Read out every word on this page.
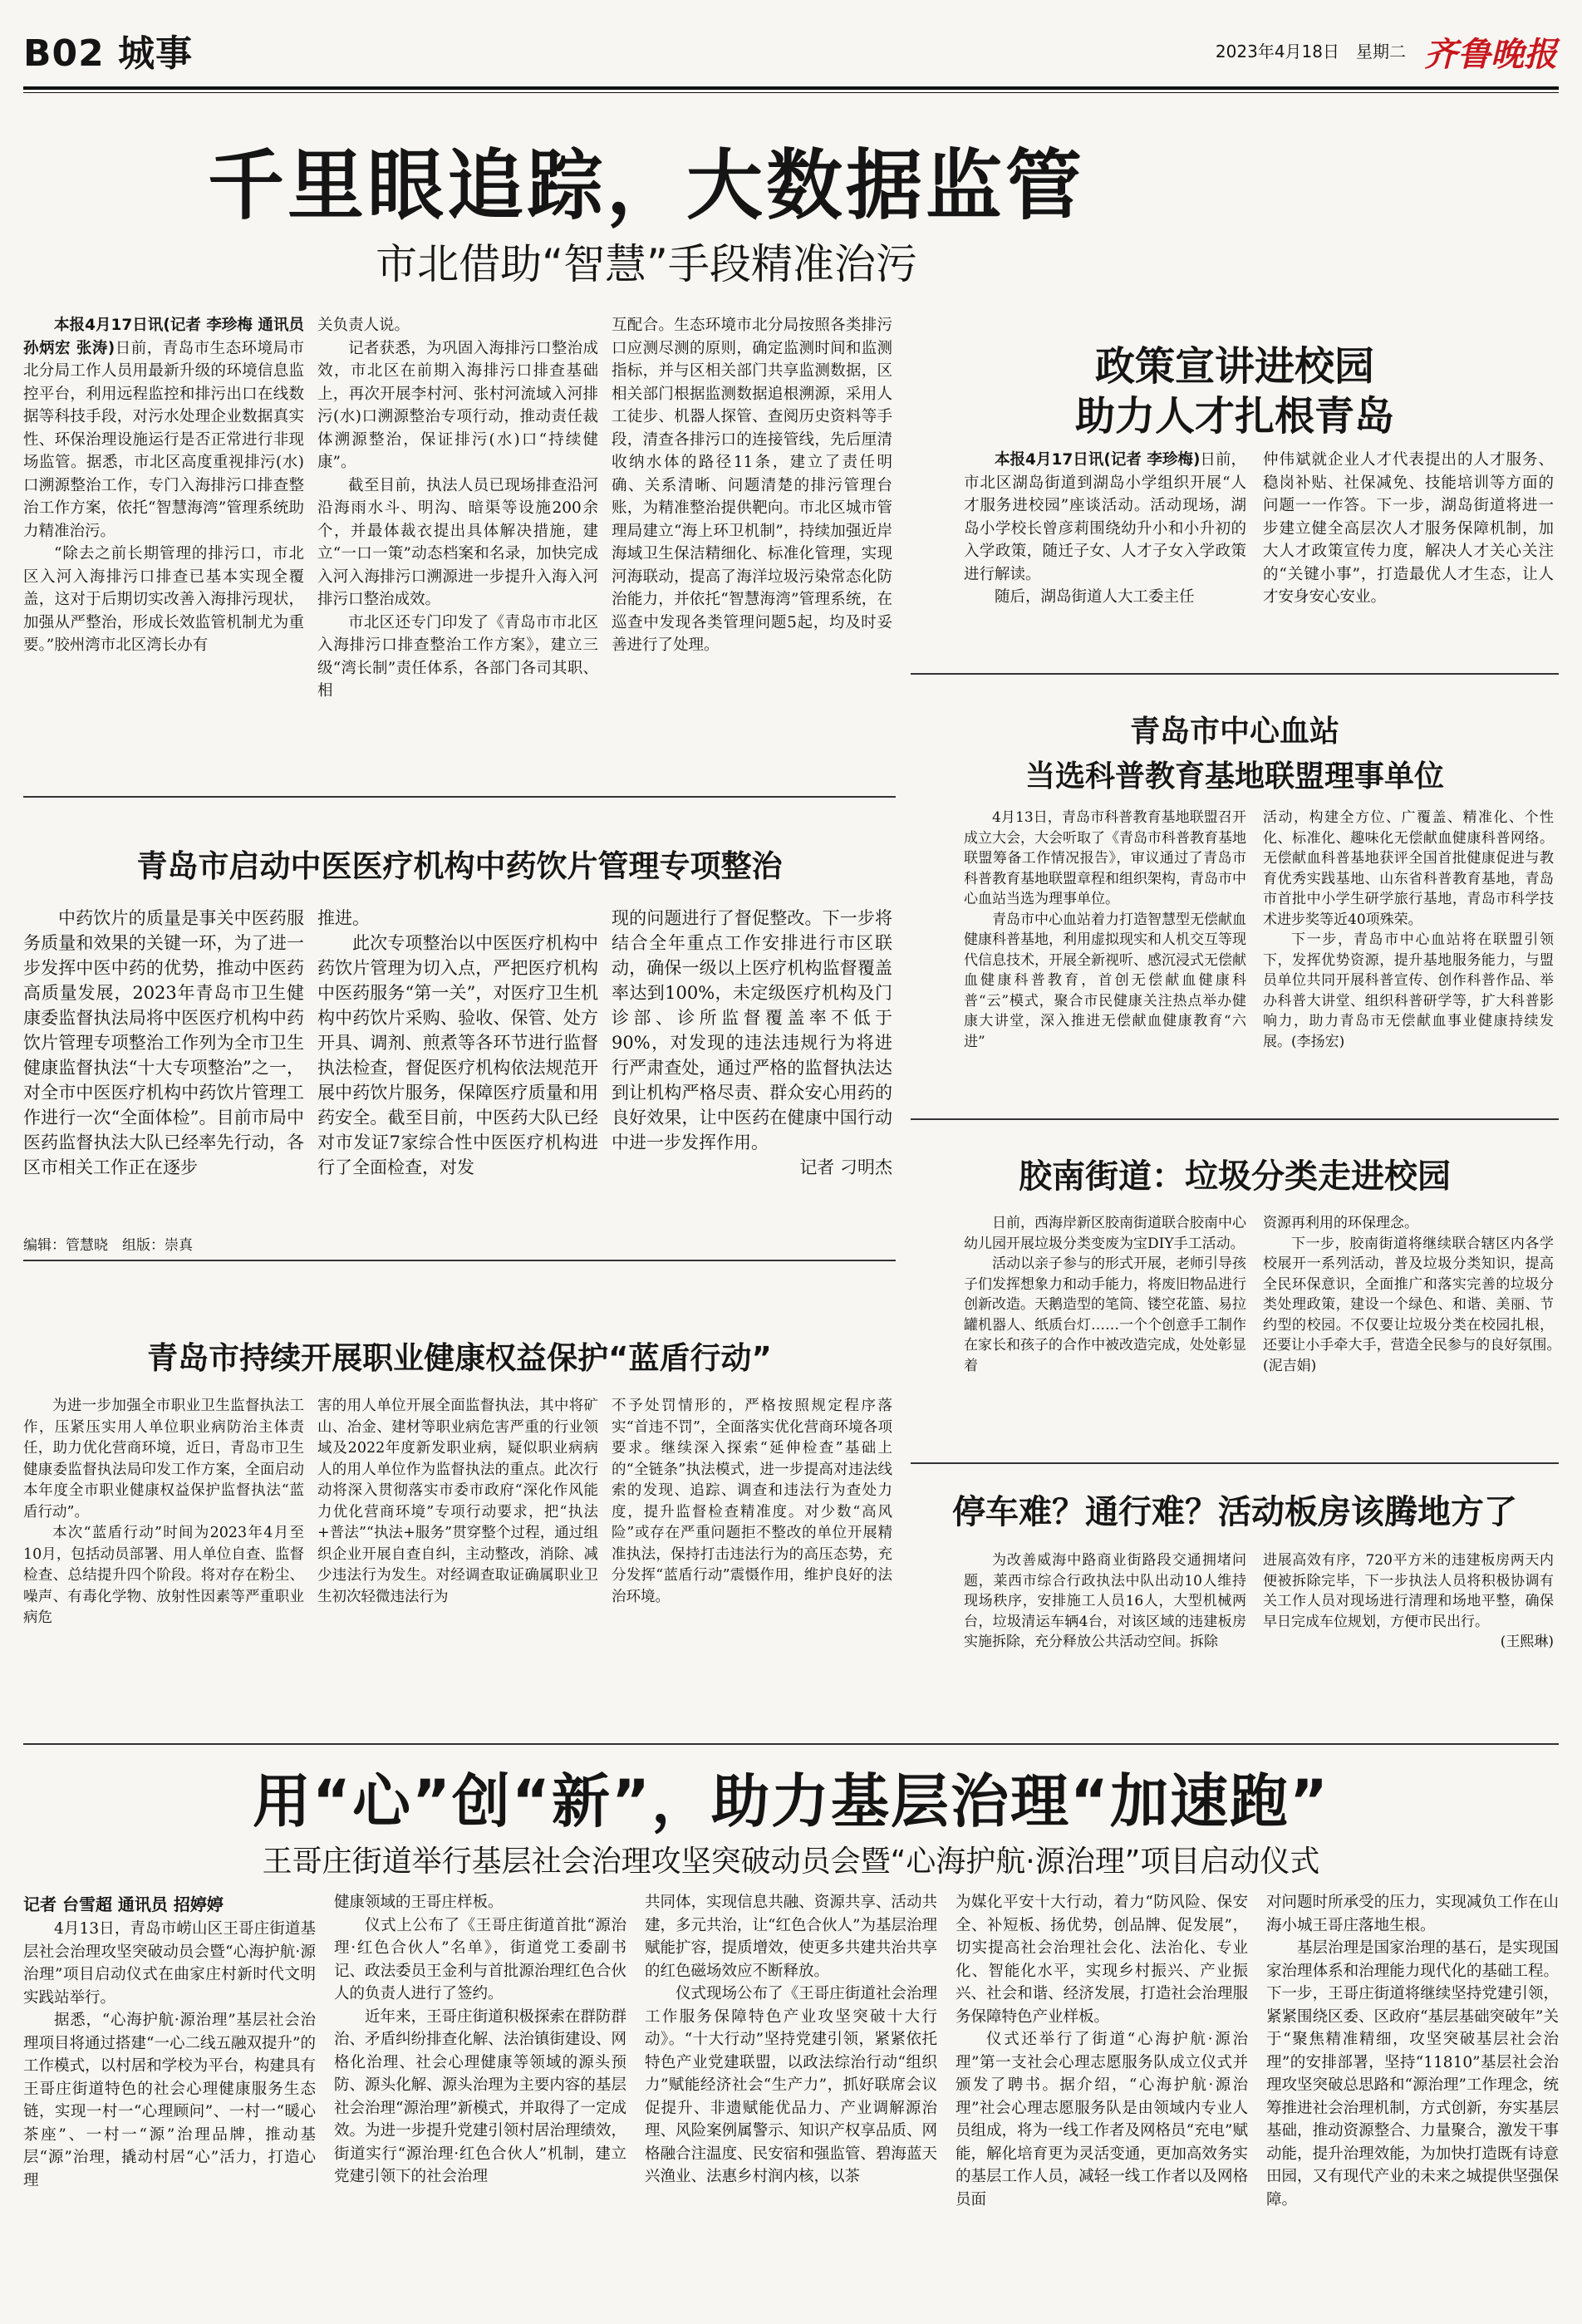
B02 城事	2023年4月18日　星期二 齐鲁晚报
千里眼追踪，大数据监管
市北借助“智慧”手段精准治污

本报4月17日讯(记者 李珍梅 通讯员 孙炳宏 张涛)日前，青岛市生态环境局市北分局工作人员用最新升级的环境信息监控平台，利用远程监控和排污出口在线数据等科技手段，对污水处理企业数据真实性、环保治理设施运行是否正常进行非现场监管。据悉，市北区高度重视排污(水)口溯源整治工作，专门入海排污口排查整治工作方案，依托“智慧海湾”管理系统助力精准治污。

“除去之前长期管理的排污口，市北区入河入海排污口排查已基本实现全覆盖，这对于后期切实改善入海排污现状，加强从严整治，形成长效监管机制尤为重要。”胶州湾市北区湾长办有

关负责人说。

记者获悉，为巩固入海排污口整治成效，市北区在前期入海排污口排查基础上，再次开展李村河、张村河流域入河排污(水)口溯源整治专项行动，推动责任裁体溯源整治，保证排污(水)口“持续健康”。

截至目前，执法人员已现场排查沿河沿海雨水斗、明沟、暗渠等设施200余个，并最体裁衣提出具体解决措施，建立“一口一策”动态档案和名录，加快完成入河入海排污口溯源进一步提升入海入河排污口整治成效。

市北区还专门印发了《青岛市市北区入海排污口排查整治工作方案》，建立三级“湾长制”责任体系，各部门各司其职、相

互配合。生态环境市北分局按照各类排污口应测尽测的原则，确定监测时间和监测指标，并与区相关部门共享监测数据，区相关部门根据监测数据追根溯源，采用人工徒步、机器人探管、查阅历史资料等手段，清查各排污口的连接管线，先后厘清收纳水体的路径11条，建立了责任明确、关系清晰、问题清楚的排污管理台账，为精准整治提供靶向。市北区城市管理局建立“海上环卫机制”，持续加强近岸海域卫生保洁精细化、标准化管理，实现河海联动，提高了海洋垃圾污染常态化防治能力，并依托“智慧海湾”管理系统，在巡查中发现各类管理问题5起，均及时妥善进行了处理。

政策宣讲进校园
助力人才扎根青岛

本报4月17日讯(记者 李珍梅)日前，市北区湖岛街道到湖岛小学组织开展“人才服务进校园”座谈活动。活动现场，湖岛小学校长曾彦莉围绕幼升小和小升初的入学政策，随迁子女、人才子女入学政策进行解读。

随后，湖岛街道人大工委主任

仲伟斌就企业人才代表提出的人才服务、稳岗补贴、社保减免、技能培训等方面的问题一一作答。下一步，湖岛街道将进一步建立健全高层次人才服务保障机制，加大人才政策宣传力度，解决人才关心关注的“关键小事”，打造最优人才生态，让人才安身安心安业。

青岛市启动中医医疗机构中药饮片管理专项整治

中药饮片的质量是事关中医药服务质量和效果的关键一环，为了进一步发挥中医中药的优势，推动中医药高质量发展，2023年青岛市卫生健康委监督执法局将中医医疗机构中药饮片管理专项整治工作列为全市卫生健康监督执法“十大专项整治”之一，对全市中医医疗机构中药饮片管理工作进行一次“全面体检”。目前市局中医药监督执法大队已经率先行动，各区市相关工作正在逐步

推进。

此次专项整治以中医医疗机构中药饮片管理为切入点，严把医疗机构中医药服务“第一关”，对医疗卫生机构中药饮片采购、验收、保管、处方开具、调剂、煎煮等各环节进行监督执法检查，督促医疗机构依法规范开展中药饮片服务，保障医疗质量和用药安全。截至目前，中医药大队已经对市发证7家综合性中医医疗机构进行了全面检查，对发

现的问题进行了督促整改。下一步将结合全年重点工作安排进行市区联动，确保一级以上医疗机构监督覆盖率达到100%，未定级医疗机构及门诊部、诊所监督覆盖率不低于90%，对发现的违法违规行为将进行严肃查处，通过严格的监督执法达到让机构严格尽责、群众安心用药的良好效果，让中医药在健康中国行动中进一步发挥作用。

记者 刁明杰

编辑：管慧晓　组版：崇真
青岛市中心血站
当选科普教育基地联盟理事单位

4月13日，青岛市科普教育基地联盟召开成立大会，大会听取了《青岛市科普教育基地联盟筹备工作情况报告》，审议通过了青岛市科普教育基地联盟章程和组织架构，青岛市中心血站当选为理事单位。

青岛市中心血站着力打造智慧型无偿献血健康科普基地，利用虚拟现实和人机交互等现代信息技术，开展全新视听、感沉浸式无偿献血健康科普教育，首创无偿献血健康科普“云”模式，聚合市民健康关注热点举办健康大讲堂，深入推进无偿献血健康教育“六进”

活动，构建全方位、广覆盖、精准化、个性化、标准化、趣味化无偿献血健康科普网络。无偿献血科普基地获评全国首批健康促进与教育优秀实践基地、山东省科普教育基地，青岛市首批中小学生研学旅行基地，青岛市科学技术进步奖等近40项殊荣。

下一步，青岛市中心血站将在联盟引领下，发挥优势资源，提升基地服务能力，与盟员单位共同开展科普宣传、创作科普作品、举办科普大讲堂、组织科普研学等，扩大科普影响力，助力青岛市无偿献血事业健康持续发展。(李扬宏)

胶南街道：垃圾分类走进校园

日前，西海岸新区胶南街道联合胶南中心幼儿园开展垃圾分类变废为宝DIY手工活动。

活动以亲子参与的形式开展，老师引导孩子们发挥想象力和动手能力，将废旧物品进行创新改造。天鹅造型的笔筒、镂空花篮、易拉罐机器人、纸质台灯……一个个创意手工制作在家长和孩子的合作中被改造完成，处处彰显着

资源再利用的环保理念。

下一步，胶南街道将继续联合辖区内各学校展开一系列活动，普及垃圾分类知识，提高全民环保意识，全面推广和落实完善的垃圾分类处理政策，建设一个绿色、和谐、美丽、节约型的校园。不仅要让垃圾分类在校园扎根，还要让小手牵大手，营造全民参与的良好氛围。　　(泥吉娟)

青岛市持续开展职业健康权益保护“蓝盾行动”

为进一步加强全市职业卫生监督执法工作，压紧压实用人单位职业病防治主体责任，助力优化营商环境，近日，青岛市卫生健康委监督执法局印发工作方案，全面启动本年度全市职业健康权益保护监督执法“蓝盾行动”。

本次“蓝盾行动”时间为2023年4月至10月，包括动员部署、用人单位自查、监督检查、总结提升四个阶段。将对存在粉尘、噪声、有毒化学物、放射性因素等严重职业病危

害的用人单位开展全面监督执法，其中将矿山、冶金、建材等职业病危害严重的行业领域及2022年度新发职业病，疑似职业病病人的用人单位作为监督执法的重点。此次行动将深入贯彻落实市委市政府“深化作风能力优化营商环境”专项行动要求，把“执法+普法”“执法+服务”贯穿整个过程，通过组织企业开展自查自纠，主动整改，消除、减少违法行为发生。对经调查取证确属职业卫生初次轻微违法行为

不予处罚情形的，严格按照规定程序落实“首违不罚”，全面落实优化营商环境各项要求。继续深入探索“延伸检查”基础上的“全链条”执法模式，进一步提高对违法线索的发现、追踪、调查和违法行为查处力度，提升监督检查精准度。对少数“高风险”或存在严重问题拒不整改的单位开展精准执法，保持打击违法行为的高压态势，充分发挥“蓝盾行动”震慑作用，维护良好的法治环境。

停车难？通行难？活动板房该腾地方了

为改善威海中路商业街路段交通拥堵问题，莱西市综合行政执法中队出动10人维持现场秩序，安排施工人员16人，大型机械两台，垃圾清运车辆4台，对该区域的违建板房实施拆除，充分释放公共活动空间。拆除

进展高效有序，720平方米的违建板房两天内便被拆除完毕，下一步执法人员将积极协调有关工作人员对现场进行清理和场地平整，确保早日完成车位规划，方便市民出行。

(王熙琳)

用“心”创“新”，助力基层治理“加速跑”
王哥庄街道举行基层社会治理攻坚突破动员会暨“心海护航·源治理”项目启动仪式
记者 台雪超 通讯员 招婷婷

4月13日，青岛市崂山区王哥庄街道基层社会治理攻坚突破动员会暨“心海护航·源治理”项目启动仪式在曲家庄村新时代文明实践站举行。

据悉，“心海护航·源治理”基层社会治理项目将通过搭建“一心二线五融双提升”的工作模式，以村居和学校为平台，构建具有王哥庄街道特色的社会心理健康服务生态链，实现一村一“心理顾问”、一村一“暖心茶座”、一村一“源”治理品牌，推动基层“源”治理，撬动村居“心”活力，打造心理

健康领域的王哥庄样板。

仪式上公布了《王哥庄街道首批“源治理·红色合伙人”名单》，街道党工委副书记、政法委员王金利与首批源治理红色合伙人的负责人进行了签约。

近年来，王哥庄街道积极探索在群防群治、矛盾纠纷排查化解、法治镇街建设、网格化治理、社会心理健康等领域的源头预防、源头化解、源头治理为主要内容的基层社会治理“源治理”新模式，并取得了一定成效。为进一步提升党建引领村居治理绩效，街道实行“源治理·红色合伙人”机制，建立党建引领下的社会治理

共同体，实现信息共融、资源共享、活动共建，多元共治，让“红色合伙人”为基层治理赋能扩容，提质增效，使更多共建共治共享的红色磁场效应不断释放。

仪式现场公布了《王哥庄街道社会治理工作服务保障特色产业攻坚突破十大行动》。“十大行动”坚持党建引领，紧紧依托特色产业党建联盟，以政法综治行动“组织力”赋能经济社会“生产力”，抓好联席会议促提升、非遗赋能优品力、产业调解源治理、风险案例属警示、知识产权享品质、网格融合注温度、民安宿和强监管、碧海蓝天兴渔业、法惠乡村润内核，以茶

为媒化平安十大行动，着力“防风险、保安全、补短板、扬优势，创品牌、促发展”，切实提高社会治理社会化、法治化、专业化、智能化水平，实现乡村振兴、产业振兴、社会和谐、经济发展，打造社会治理服务保障特色产业样板。

仪式还举行了街道“心海护航·源治理”第一支社会心理志愿服务队成立仪式并颁发了聘书。据介绍，“心海护航·源治理”社会心理志愿服务队是由领域内专业人员组成，将为一线工作者及网格员“充电”赋能，解化培育更为灵活变通，更加高效务实的基层工作人员，减轻一线工作者以及网格员面

对问题时所承受的压力，实现减负工作在山海小城王哥庄落地生根。

基层治理是国家治理的基石，是实现国家治理体系和治理能力现代化的基础工程。下一步，王哥庄街道将继续坚持党建引领，紧紧围绕区委、区政府“基层基础突破年”关于“聚焦精准精细，攻坚突破基层社会治理”的安排部署，坚持“11810”基层社会治理攻坚突破总思路和“源治理”工作理念，统筹推进社会治理机制，方式创新，夯实基层基础，推动资源整合、力量聚合，激发干事动能，提升治理效能，为加快打造既有诗意田园，又有现代产业的未来之城提供坚强保障。
